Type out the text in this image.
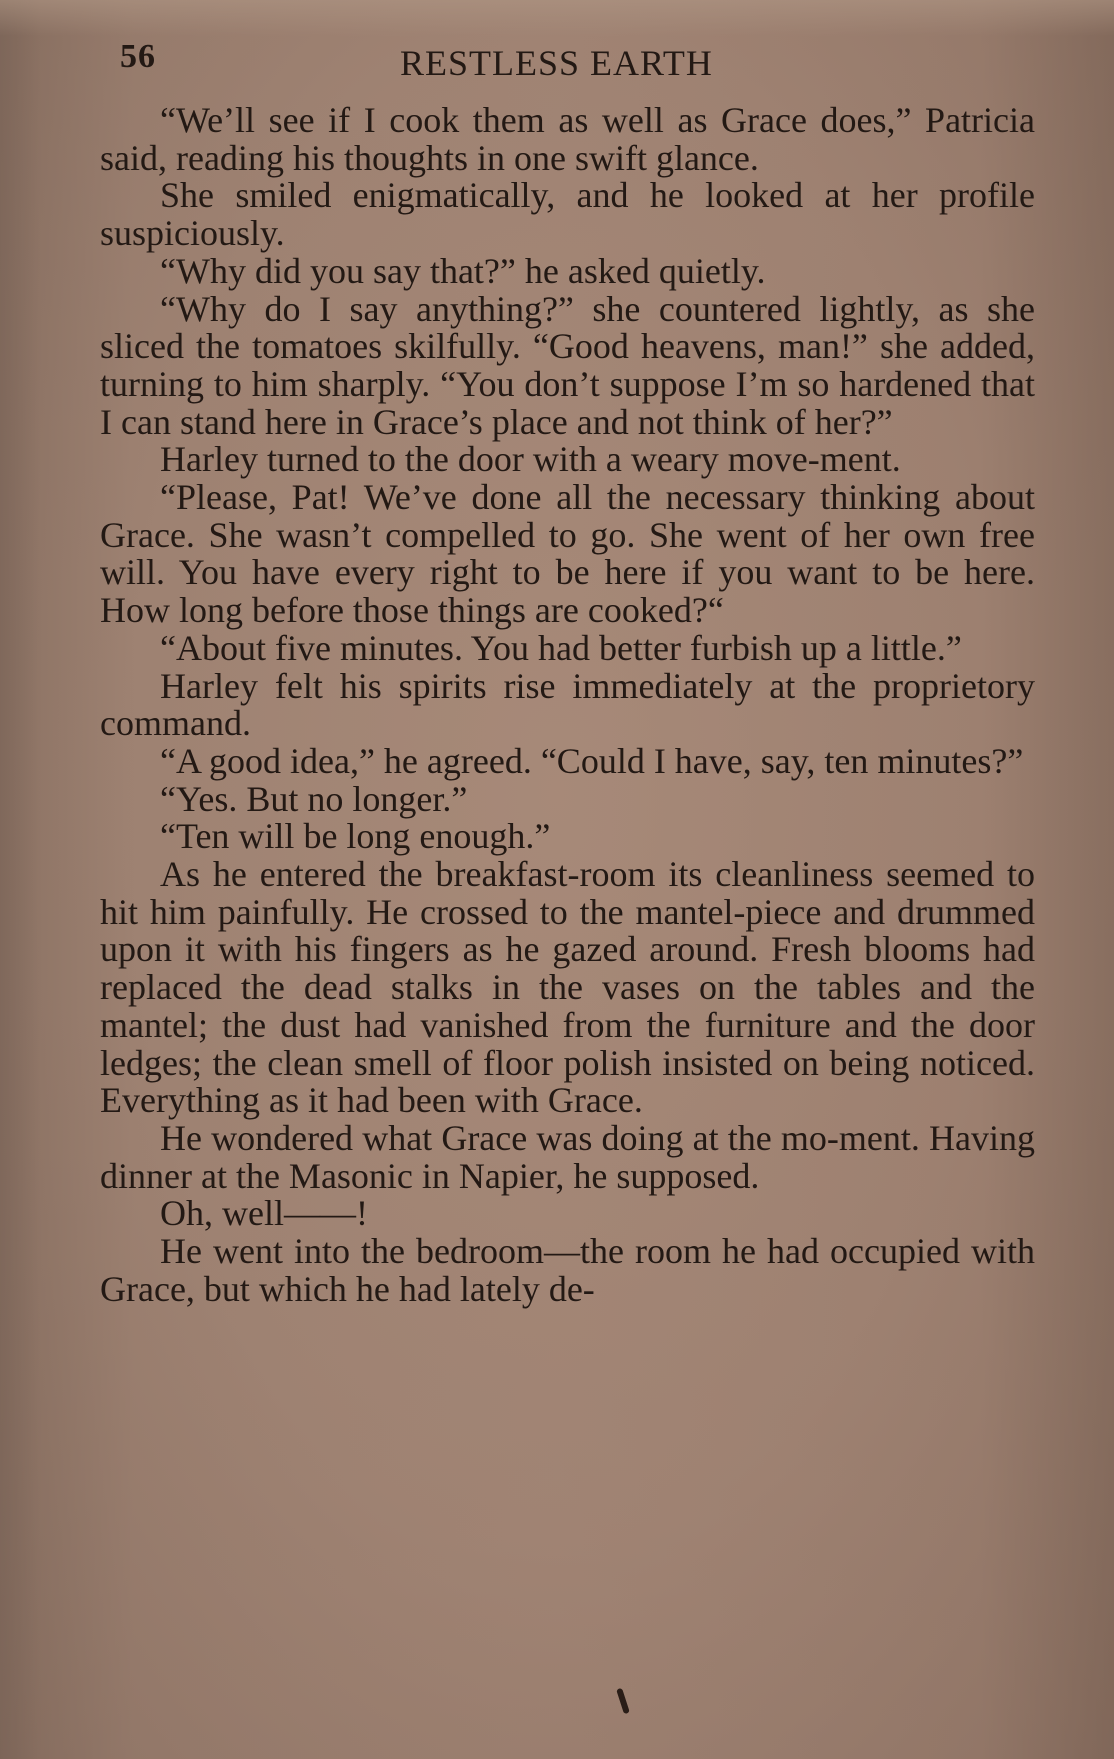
56	RESTLESS EARTH

“We’ll see if I cook them as well as Grace does,” Patricia said, reading his thoughts in one swift glance.

She smiled enigmatically, and he looked at her profile suspiciously.

“Why did you say that?” he asked quietly.

“Why do I say anything?” she countered lightly, as she sliced the tomatoes skilfully. “Good heavens, man!” she added, turning to him sharply. “You don’t suppose I’m so hardened that I can stand here in Grace’s place and not think of her?”

Harley turned to the door with a weary move-ment.

“Please, Pat! We’ve done all the necessary thinking about Grace. She wasn’t compelled to go. She went of her own free will. You have every right to be here if you want to be here. How long before those things are cooked?“

“About five minutes. You had better furbish up a little.”

Harley felt his spirits rise immediately at the proprietory command.

“A good idea,” he agreed. “Could I have, say, ten minutes?”

“Yes. But no longer.”

“Ten will be long enough.”

As he entered the breakfast-room its cleanliness seemed to hit him painfully. He crossed to the mantel-piece and drummed upon it with his fingers as he gazed around. Fresh blooms had replaced the dead stalks in the vases on the tables and the mantel; the dust had vanished from the furniture and the door ledges; the clean smell of floor polish insisted on being noticed. Everything as it had been with Grace.

He wondered what Grace was doing at the mo-ment. Having dinner at the Masonic in Napier, he supposed.

Oh, well——!

He went into the bedroom—the room he had occupied with Grace, but which he had lately de-
